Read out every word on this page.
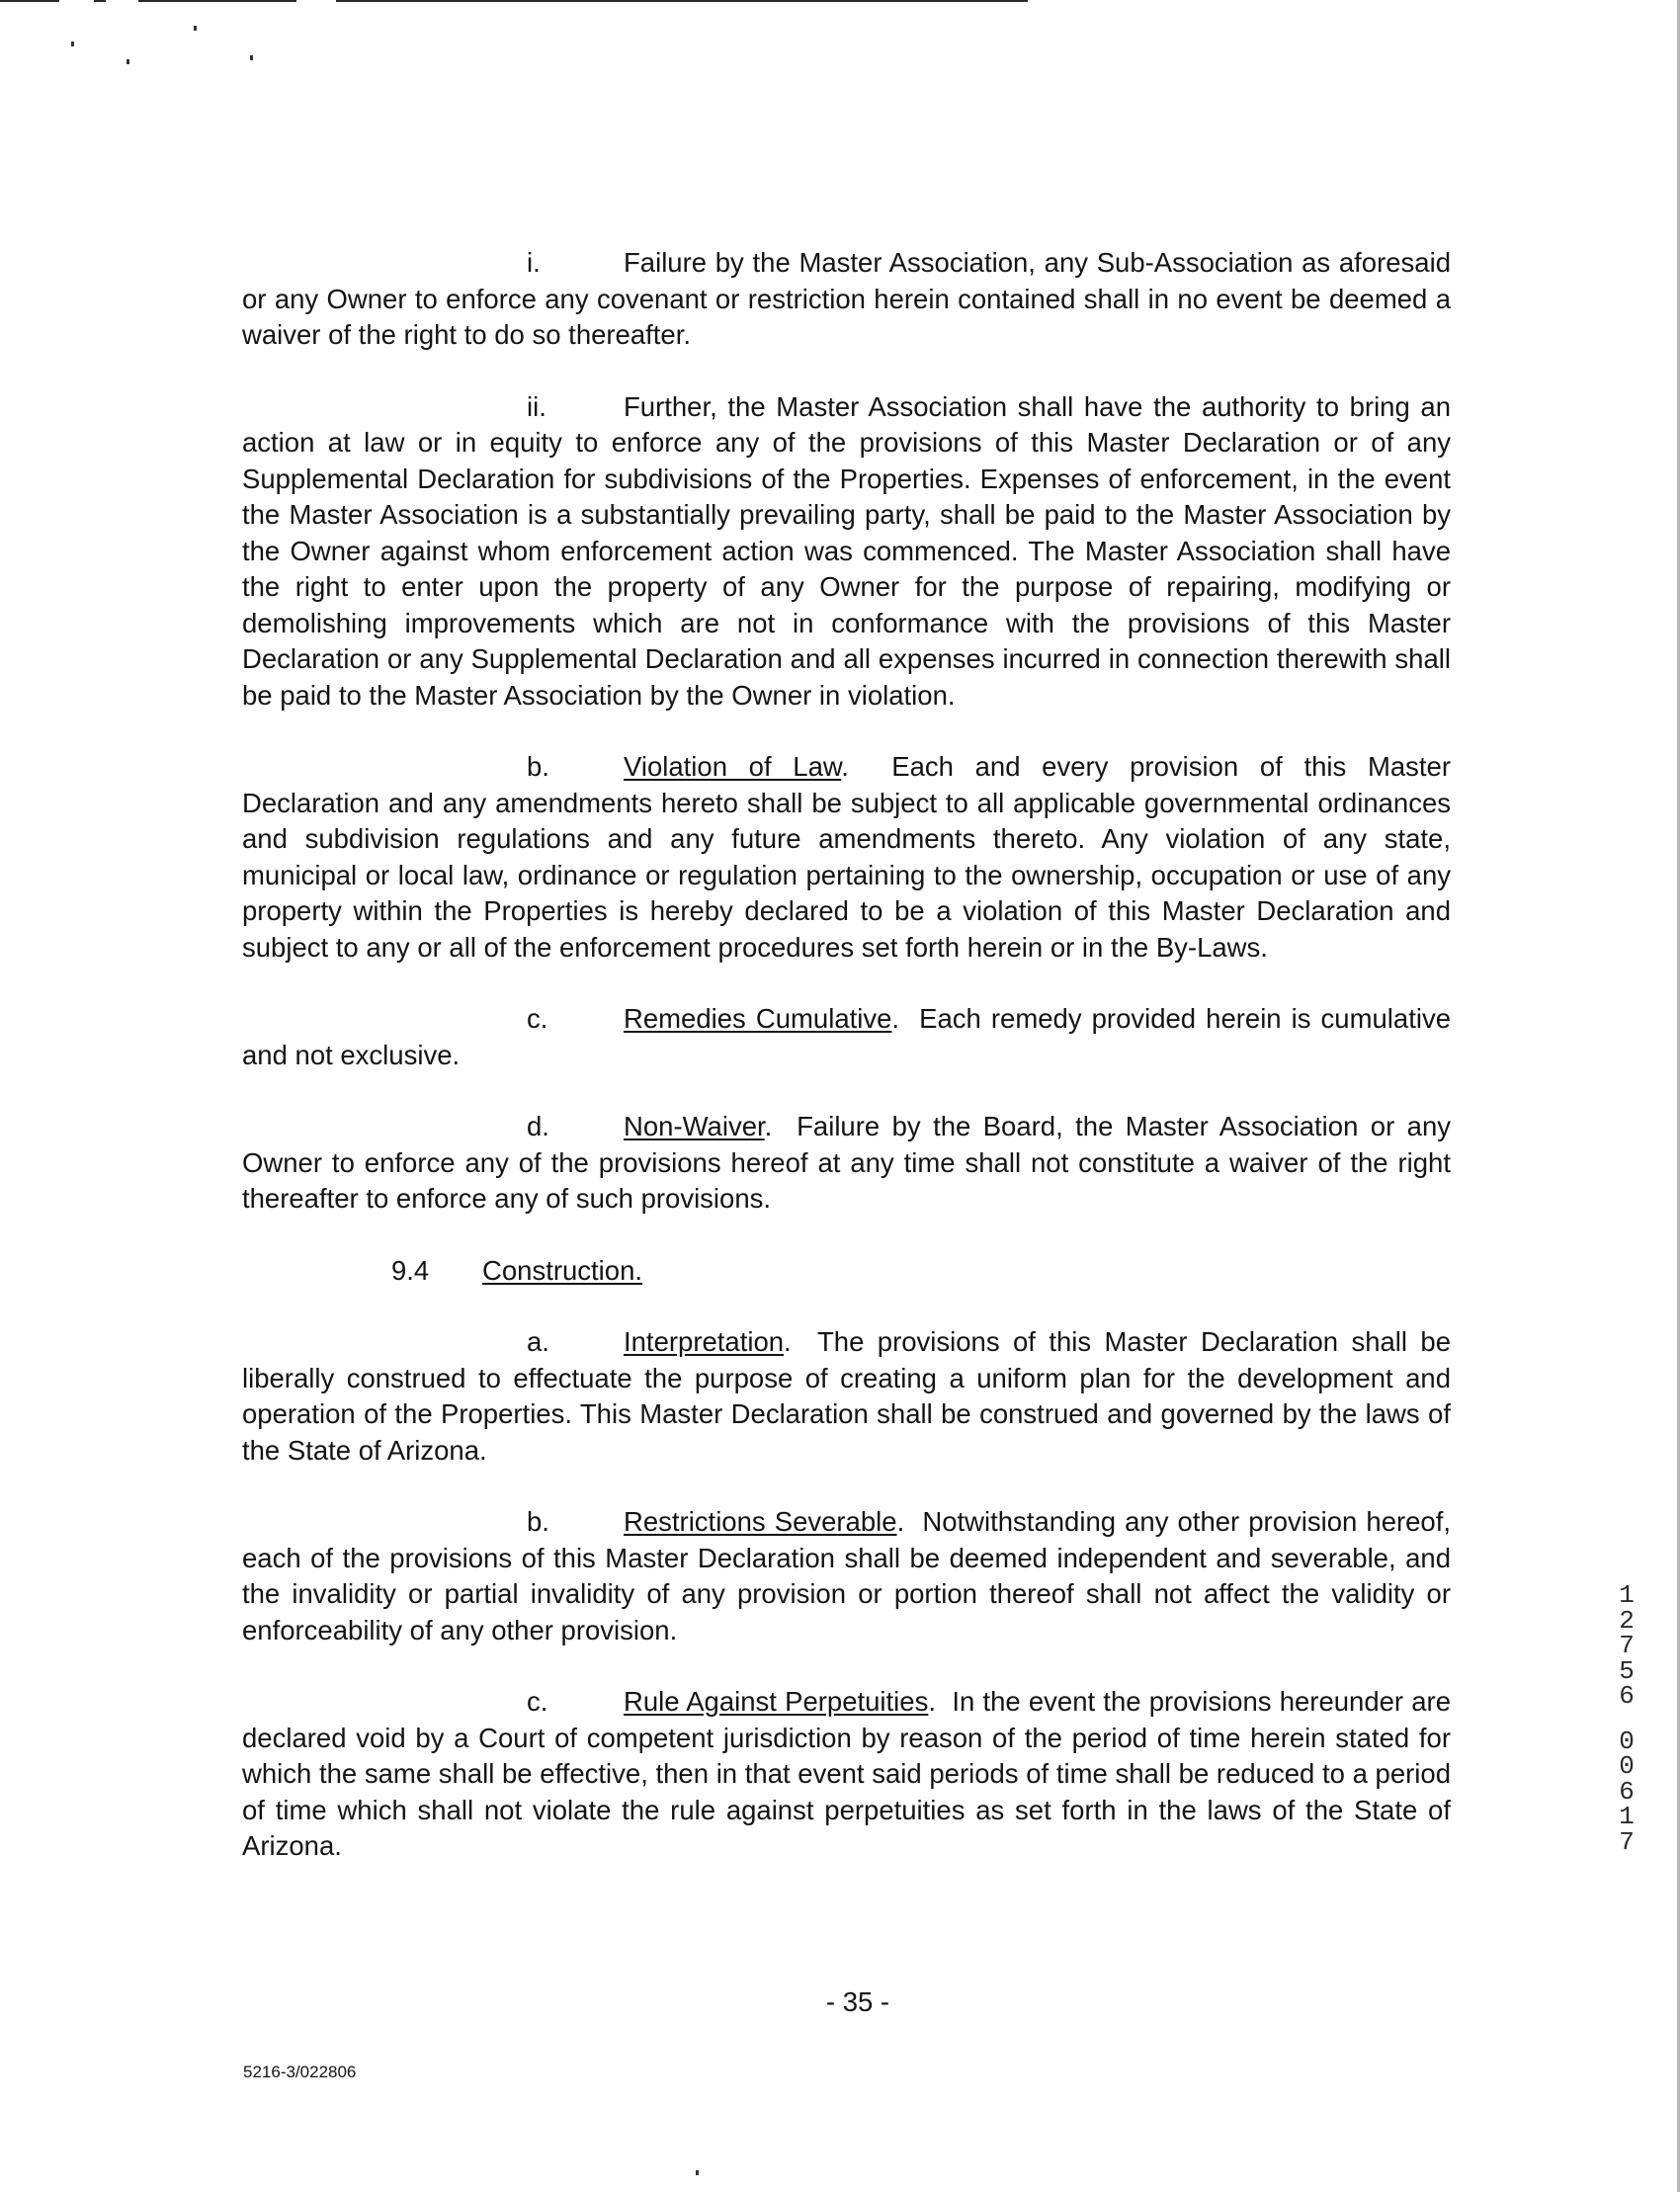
i.	Failure by the Master Association, any Sub-Association as aforesaid or any Owner to enforce any covenant or restriction herein contained shall in no event be deemed a waiver of the right to do so thereafter.

ii.	Further, the Master Association shall have the authority to bring an action at law or in equity to enforce any of the provisions of this Master Declaration or of any Supplemental Declaration for subdivisions of the Properties. Expenses of enforcement, in the event the Master Association is a substantially prevailing party, shall be paid to the Master Association by the Owner against whom enforcement action was commenced. The Master Association shall have the right to enter upon the property of any Owner for the purpose of repairing, modifying or demolishing improvements which are not in conformance with the provisions of this Master Declaration or any Supplemental Declaration and all expenses incurred in connection therewith shall be paid to the Master Association by the Owner in violation.

b.	Violation of Law.  Each and every provision of this Master Declaration and any amendments hereto shall be subject to all applicable governmental ordinances and subdivision regulations and any future amendments thereto. Any violation of any state, municipal or local law, ordinance or regulation pertaining to the ownership, occupation or use of any property within the Properties is hereby declared to be a violation of this Master Declaration and subject to any or all of the enforcement procedures set forth herein or in the By-Laws.

c.	Remedies Cumulative.  Each remedy provided herein is cumulative and not exclusive.

d.	Non-Waiver.  Failure by the Board, the Master Association or any Owner to enforce any of the provisions hereof at any time shall not constitute a waiver of the right thereafter to enforce any of such provisions.

9.4 Construction.

a.	Interpretation.  The provisions of this Master Declaration shall be liberally construed to effectuate the purpose of creating a uniform plan for the development and operation of the Properties. This Master Declaration shall be construed and governed by the laws of the State of Arizona.

b.	Restrictions Severable.  Notwithstanding any other provision hereof, each of the provisions of this Master Declaration shall be deemed independent and severable, and the invalidity or partial invalidity of any provision or portion thereof shall not affect the validity or enforceability of any other provision.

c.	Rule Against Perpetuities.  In the event the provisions hereunder are declared void by a Court of competent jurisdiction by reason of the period of time herein stated for which the same shall be effective, then in that event said periods of time shall be reduced to a period of time which shall not violate the rule against perpetuities as set forth in the laws of the State of Arizona.

- 35 -
5216-3/022806
1
2
7
5
6
0
0
6
1
7
